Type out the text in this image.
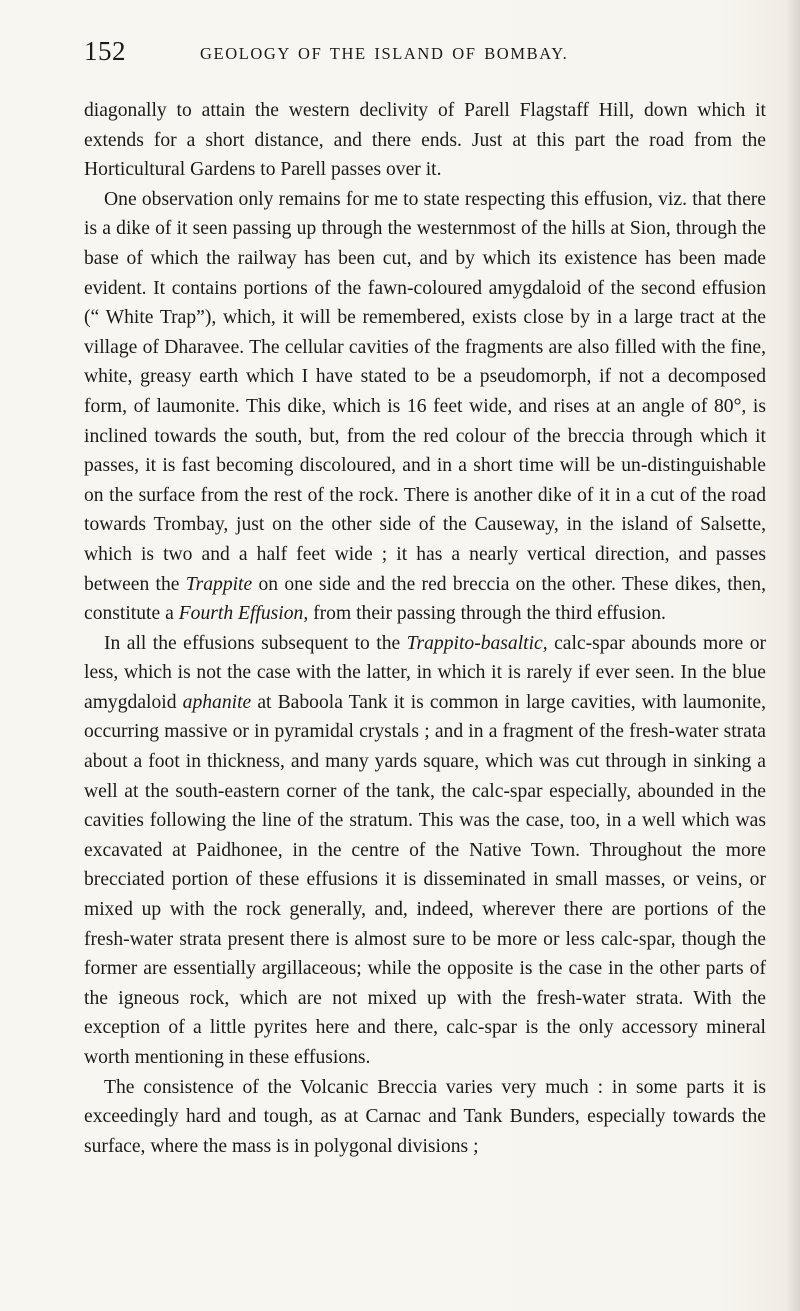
152	GEOLOGY OF THE ISLAND OF BOMBAY.

diagonally to attain the western declivity of Parell Flagstaff Hill, down which it extends for a short distance, and there ends. Just at this part the road from the Horticultural Gardens to Parell passes over it.

One observation only remains for me to state respecting this effusion, viz. that there is a dike of it seen passing up through the westernmost of the hills at Sion, through the base of which the railway has been cut, and by which its existence has been made evident. It contains portions of the fawn-coloured amygdaloid of the second effusion (“ White Trap”), which, it will be remembered, exists close by in a large tract at the village of Dharavee. The cellular cavities of the fragments are also filled with the fine, white, greasy earth which I have stated to be a pseudomorph, if not a decomposed form, of laumonite. This dike, which is 16 feet wide, and rises at an angle of 80°, is inclined towards the south, but, from the red colour of the breccia through which it passes, it is fast becoming discoloured, and in a short time will be un-distinguishable on the surface from the rest of the rock. There is another dike of it in a cut of the road towards Trombay, just on the other side of the Causeway, in the island of Salsette, which is two and a half feet wide ; it has a nearly vertical direction, and passes between the Trappite on one side and the red breccia on the other. These dikes, then, constitute a Fourth Effusion, from their passing through the third effusion.

In all the effusions subsequent to the Trappito-basaltic, calc-spar abounds more or less, which is not the case with the latter, in which it is rarely if ever seen. In the blue amygdaloid aphanite at Baboola Tank it is common in large cavities, with laumonite, occurring massive or in pyramidal crystals ; and in a fragment of the fresh-water strata about a foot in thickness, and many yards square, which was cut through in sinking a well at the south-eastern corner of the tank, the calc-spar especially, abounded in the cavities following the line of the stratum. This was the case, too, in a well which was excavated at Paidhonee, in the centre of the Native Town. Throughout the more brecciated portion of these effusions it is disseminated in small masses, or veins, or mixed up with the rock generally, and, indeed, wherever there are portions of the fresh-water strata present there is almost sure to be more or less calc-spar, though the former are essentially argillaceous; while the opposite is the case in the other parts of the igneous rock, which are not mixed up with the fresh-water strata. With the exception of a little pyrites here and there, calc-spar is the only accessory mineral worth mentioning in these effusions.

The consistence of the Volcanic Breccia varies very much : in some parts it is exceedingly hard and tough, as at Carnac and Tank Bunders, especially towards the surface, where the mass is in polygonal divisions ;
